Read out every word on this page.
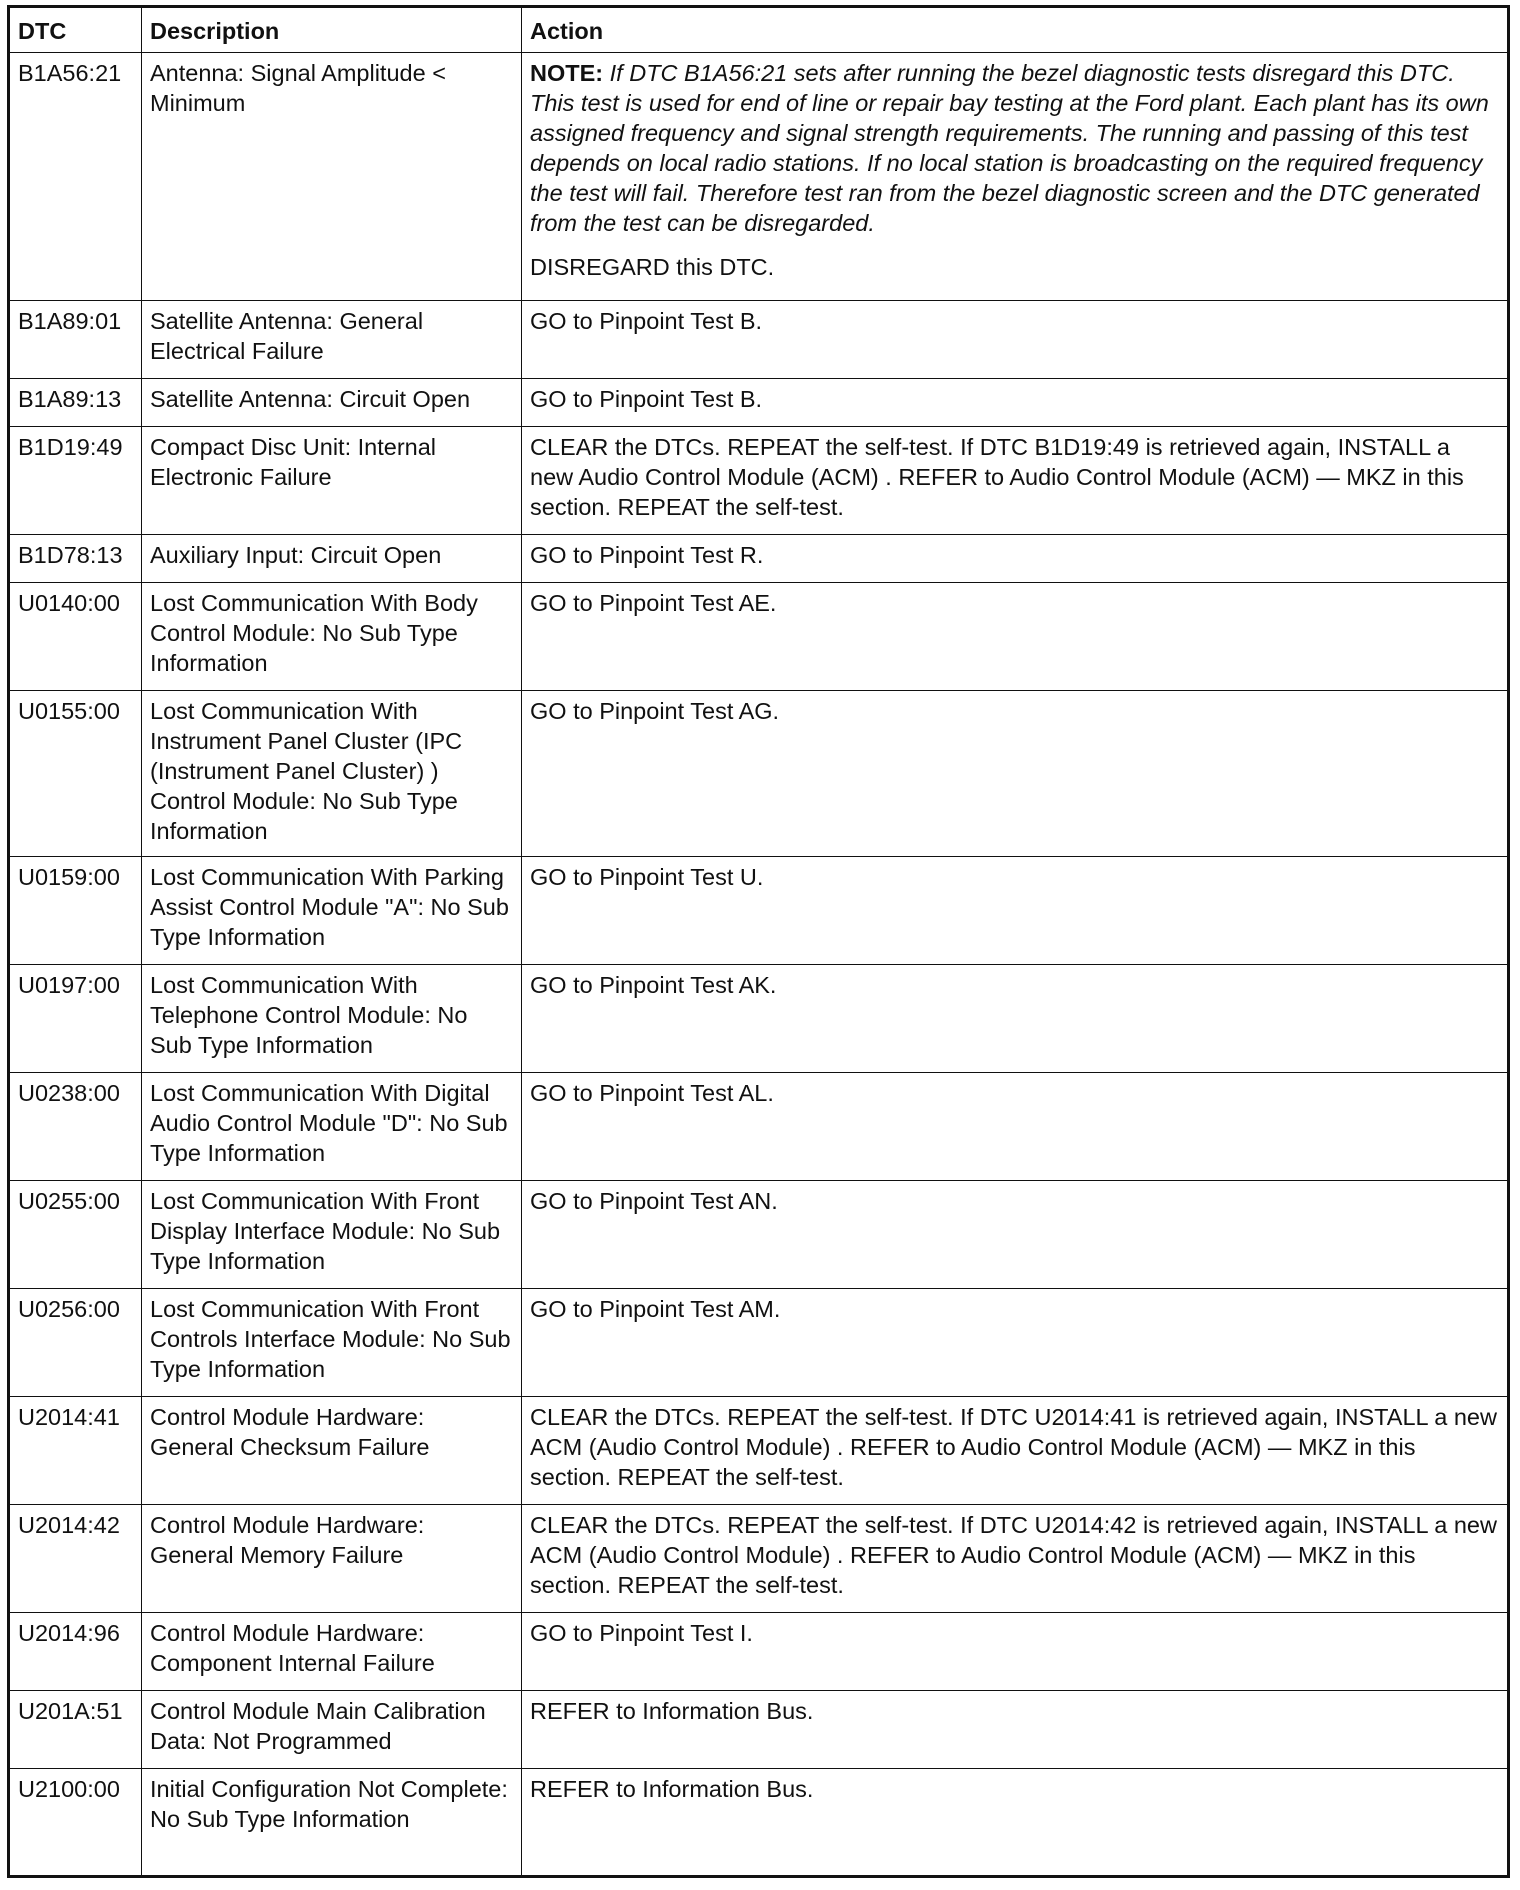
DTC	Description	Action
B1A56:21	Antenna: Signal Amplitude < Minimum	NOTE: If DTC B1A56:21 sets after running the bezel diagnostic tests disregard this DTC. This test is used for end of line or repair bay testing at the Ford plant. Each plant has its own assigned frequency and signal strength requirements. The running and passing of this test depends on local radio stations. If no local station is broadcasting on the required frequency the test will fail. Therefore test ran from the bezel diagnostic screen and the DTC generated from the test can be disregarded.

DISREGARD this DTC.

B1A89:01	Satellite Antenna: General Electrical Failure	GO to Pinpoint Test B.
B1A89:13	Satellite Antenna: Circuit Open	GO to Pinpoint Test B.
B1D19:49	Compact Disc Unit: Internal Electronic Failure	CLEAR the DTCs. REPEAT the self-test. If DTC B1D19:49 is retrieved again, INSTALL a new Audio Control Module (ACM) . REFER to Audio Control Module (ACM) — MKZ in this section. REPEAT the self-test.
B1D78:13	Auxiliary Input: Circuit Open	GO to Pinpoint Test R.
U0140:00	Lost Communication With Body Control Module: No Sub Type Information	GO to Pinpoint Test AE.
U0155:00	Lost Communication With Instrument Panel Cluster (IPC (Instrument Panel Cluster) ) Control Module: No Sub Type Information	GO to Pinpoint Test AG.
U0159:00	Lost Communication With Parking Assist Control Module "A": No Sub Type Information	GO to Pinpoint Test U.
U0197:00	Lost Communication With Telephone Control Module: No Sub Type Information	GO to Pinpoint Test AK.
U0238:00	Lost Communication With Digital Audio Control Module "D": No Sub Type Information	GO to Pinpoint Test AL.
U0255:00	Lost Communication With Front Display Interface Module: No Sub Type Information	GO to Pinpoint Test AN.
U0256:00	Lost Communication With Front Controls Interface Module: No Sub Type Information	GO to Pinpoint Test AM.
U2014:41	Control Module Hardware: General Checksum Failure	CLEAR the DTCs. REPEAT the self-test. If DTC U2014:41 is retrieved again, INSTALL a new ACM (Audio Control Module) . REFER to Audio Control Module (ACM) — MKZ in this section. REPEAT the self-test.
U2014:42	Control Module Hardware: General Memory Failure	CLEAR the DTCs. REPEAT the self-test. If DTC U2014:42 is retrieved again, INSTALL a new ACM (Audio Control Module) . REFER to Audio Control Module (ACM) — MKZ in this section. REPEAT the self-test.
U2014:96	Control Module Hardware: Component Internal Failure	GO to Pinpoint Test I.
U201A:51	Control Module Main Calibration Data: Not Programmed	REFER to Information Bus.
U2100:00	Initial Configuration Not Complete: No Sub Type Information	REFER to Information Bus.
